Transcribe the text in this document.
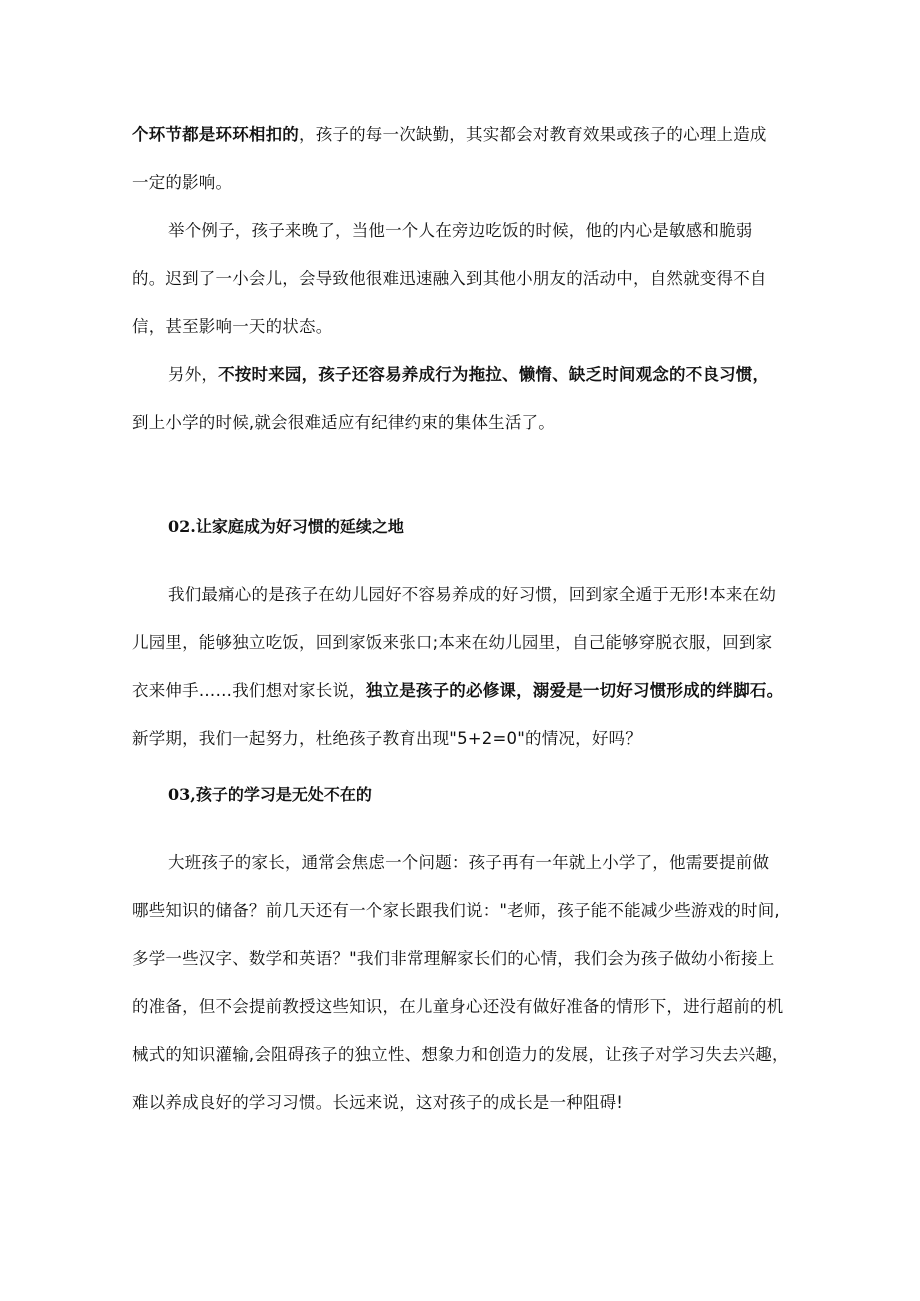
个环节都是环环相扣的，孩子的每一次缺勤，其实都会对教育效果或孩子的心理上造成
一定的影响。
举个例子，孩子来晚了，当他一个人在旁边吃饭的时候，他的内心是敏感和脆弱
的。迟到了一小会儿，会导致他很难迅速融入到其他小朋友的活动中，自然就变得不自
信，甚至影响一天的状态。
另外，不按时来园，孩子还容易养成行为拖拉、懒惰、缺乏时间观念的不良习惯，
到上小学的时候,就会很难适应有纪律约束的集体生活了。
02.让家庭成为好习惯的延续之地
我们最痛心的是孩子在幼儿园好不容易养成的好习惯，回到家全遁于无形!本来在幼
儿园里，能够独立吃饭，回到家饭来张口;本来在幼儿园里，自己能够穿脱衣服，回到家
衣来伸手……我们想对家长说，独立是孩子的必修课，溺爱是一切好习惯形成的绊脚石。
新学期，我们一起努力，杜绝孩子教育出现"5+2=0"的情况，好吗？
03,孩子的学习是无处不在的
大班孩子的家长，通常会焦虑一个问题：孩子再有一年就上小学了，他需要提前做
哪些知识的储备？前几天还有一个家长跟我们说："老师，孩子能不能减少些游戏的时间,
多学一些汉字、数学和英语？"我们非常理解家长们的心情，我们会为孩子做幼小衔接上
的准备，但不会提前教授这些知识，在儿童身心还没有做好准备的情形下，进行超前的机
械式的知识灌输,会阻碍孩子的独立性、想象力和创造力的发展，让孩子对学习失去兴趣，
难以养成良好的学习习惯。长远来说，这对孩子的成长是一种阻碍!
